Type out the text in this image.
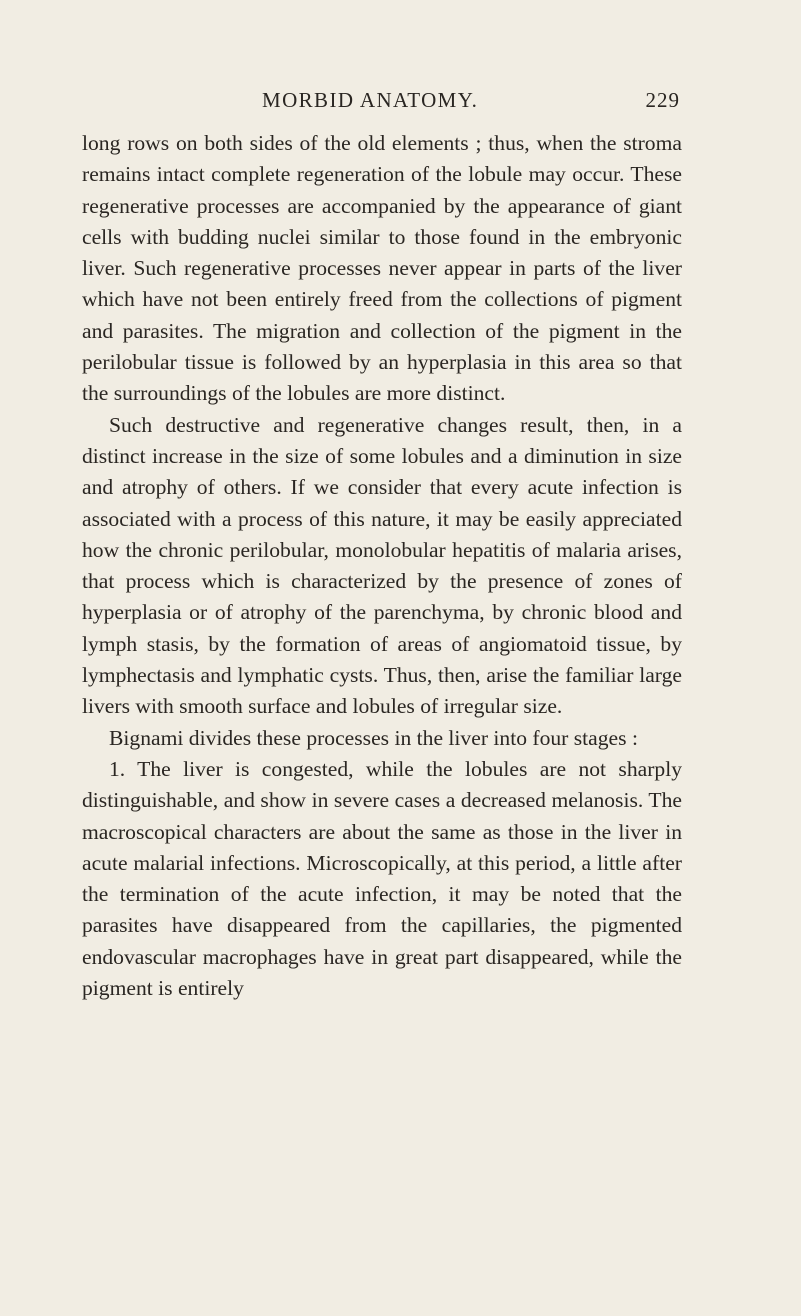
MORBID ANATOMY.	229

long rows on both sides of the old elements ; thus, when the stroma remains intact complete regeneration of the lobule may occur. These regenerative processes are accompanied by the appearance of giant cells with budding nuclei similar to those found in the embryonic liver. Such regenerative processes never appear in parts of the liver which have not been entirely freed from the collections of pigment and parasites. The migration and collection of the pigment in the perilobular tissue is followed by an hyperplasia in this area so that the surroundings of the lobules are more distinct.

Such destructive and regenerative changes result, then, in a distinct increase in the size of some lobules and a diminution in size and atrophy of others. If we consider that every acute infection is associated with a process of this nature, it may be easily appreciated how the chronic perilobular, monolobular hepatitis of malaria arises, that process which is characterized by the presence of zones of hyperplasia or of atrophy of the parenchyma, by chronic blood and lymph stasis, by the formation of areas of angiomatoid tissue, by lymphectasis and lymphatic cysts. Thus, then, arise the familiar large livers with smooth surface and lobules of irregular size.

Bignami divides these processes in the liver into four stages :

1. The liver is congested, while the lobules are not sharply distinguishable, and show in severe cases a decreased melanosis. The macroscopical characters are about the same as those in the liver in acute malarial infections. Microscopically, at this period, a little after the termination of the acute infection, it may be noted that the parasites have disappeared from the capillaries, the pigmented endovascular macrophages have in great part disappeared, while the pigment is entirely
